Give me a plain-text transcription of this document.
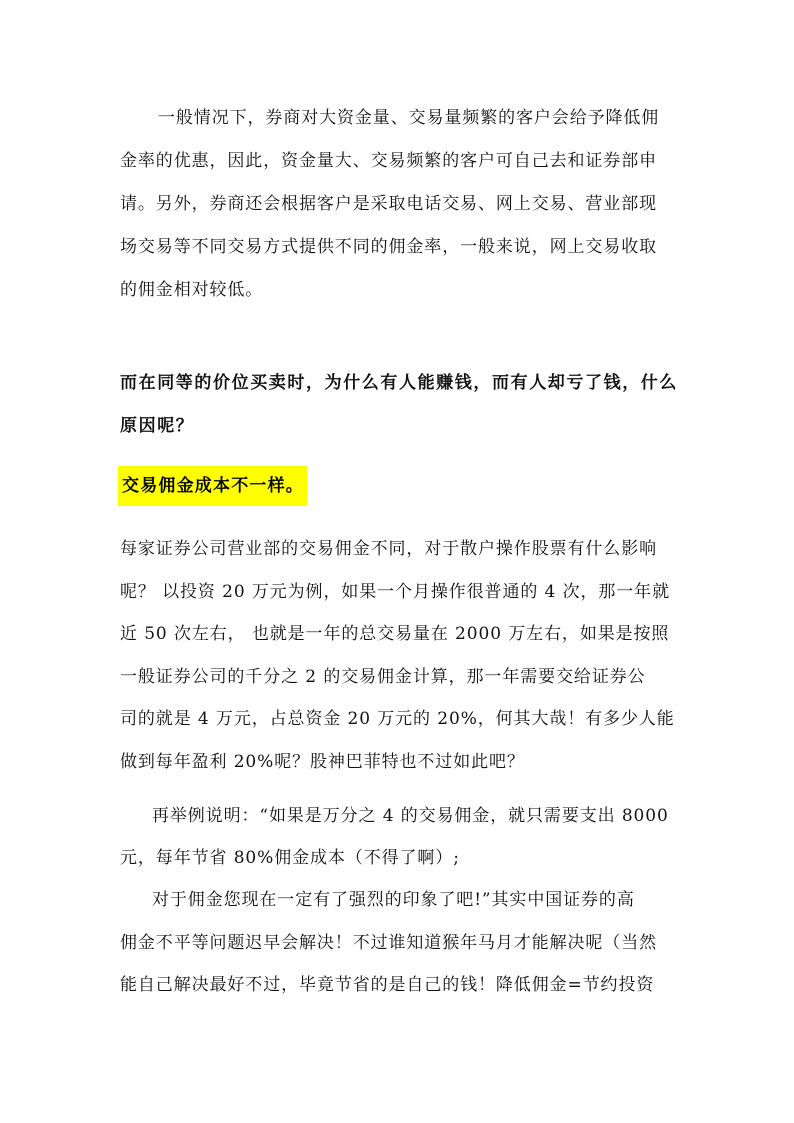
一般情况下，券商对大资金量、交易量频繁的客户会给予降低佣
金率的优惠，因此，资金量大、交易频繁的客户可自己去和证券部申
请。另外，券商还会根据客户是采取电话交易、网上交易、营业部现
场交易等不同交易方式提供不同的佣金率，一般来说，网上交易收取
的佣金相对较低。
而在同等的价位买卖时，为什么有人能赚钱，而有人却亏了钱，什么
原因呢？
交易佣金成本不一样。
每家证券公司营业部的交易佣金不同，对于散户操作股票有什么影响
呢？ 以投资 20 万元为例，如果一个月操作很普通的 4 次，那一年就
近 50 次左右， 也就是一年的总交易量在 2000 万左右，如果是按照
一般证券公司的千分之 2 的交易佣金计算，那一年需要交给证券公
司的就是 4 万元，占总资金 20 万元的 20%，何其大哉！有多少人能
做到每年盈利 20%呢？股神巴菲特也不过如此吧？
再举例说明：“如果是万分之 4 的交易佣金，就只需要支出 8000
元，每年节省 80%佣金成本（不得了啊）;
对于佣金您现在一定有了强烈的印象了吧!”其实中国证券的高
佣金不平等问题迟早会解决！不过谁知道猴年马月才能解决呢（当然
能自己解决最好不过，毕竟节省的是自己的钱！降低佣金=节约投资
